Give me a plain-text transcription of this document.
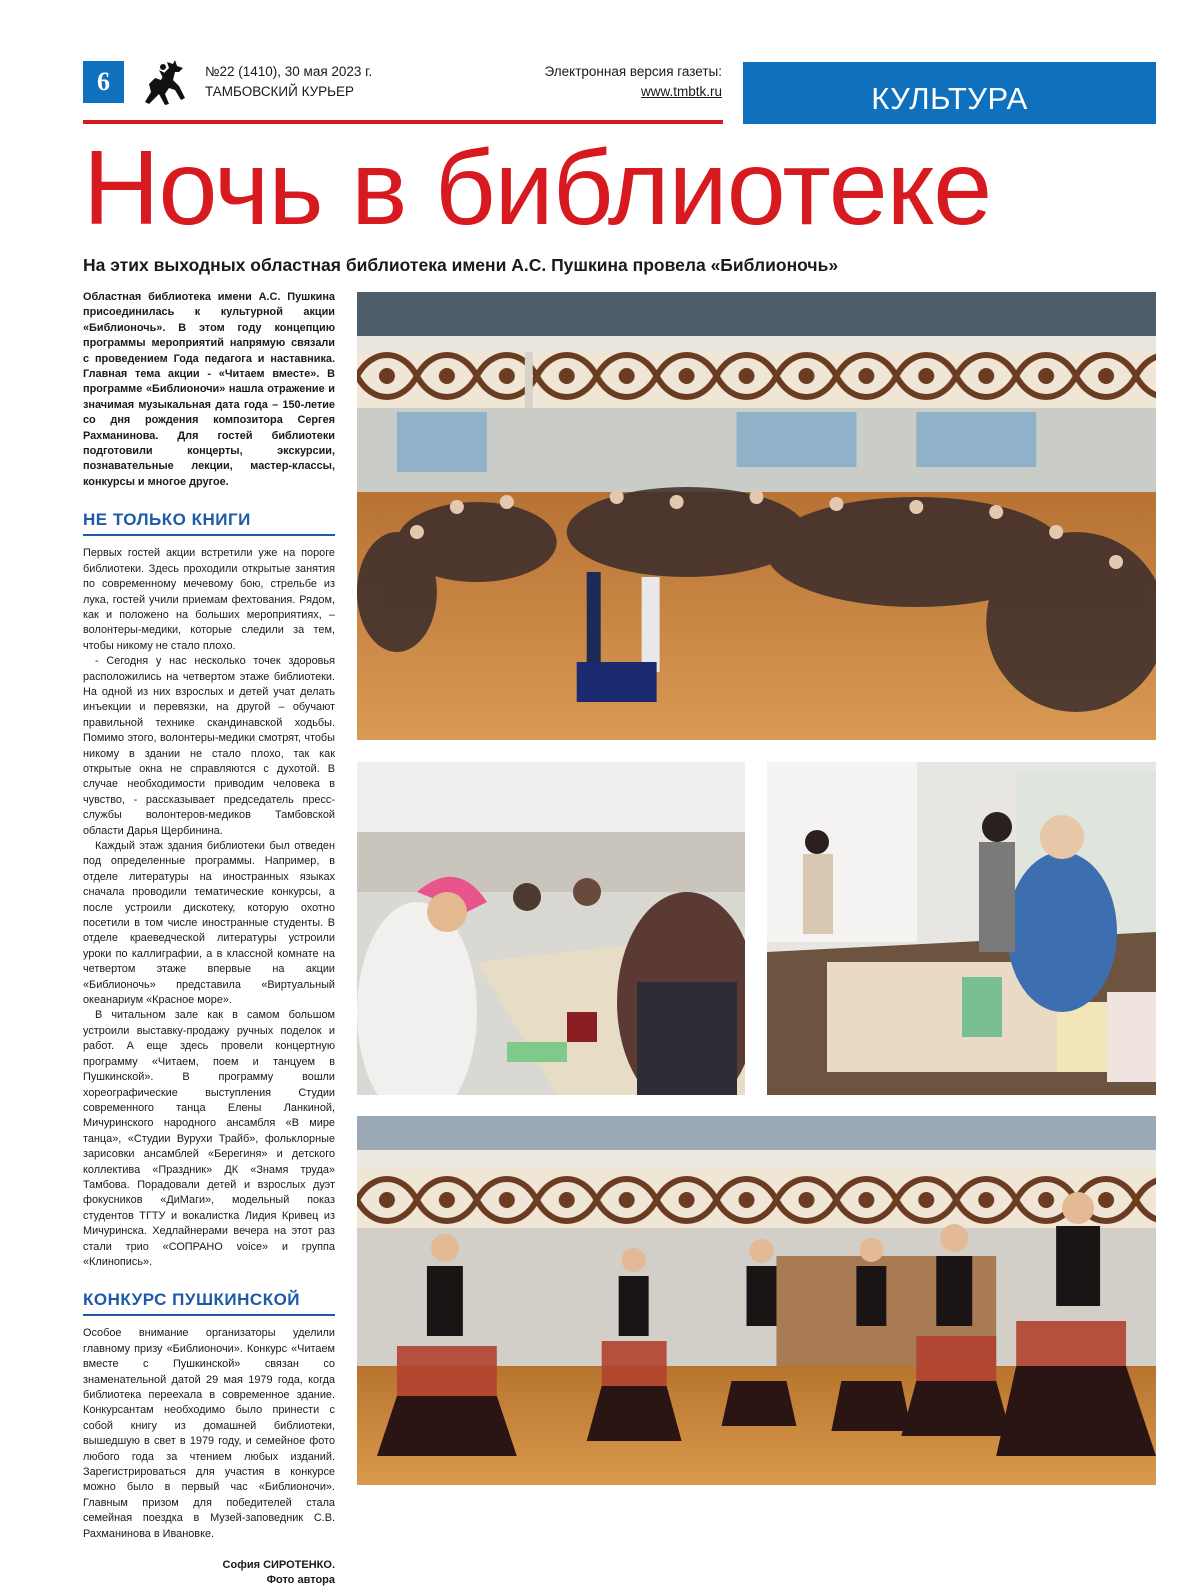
6	№22 (1410), 30 мая 2023 г.
ТАМБОВСКИЙ КУРЬЕР
Электронная версия газеты:
www.tmbtk.ru	КУЛЬТУРА
Ночь в библиотеке
На этих выходных областная библиотека имени А.С. Пушкина провела «Библионочь»

Областная библиотека имени А.С. Пушкина присоединилась к культурной акции «Библионочь». В этом году концепцию программы мероприятий напрямую связали с проведением Года педагога и наставника. Главная тема акции - «Читаем вместе». В программе «Библионочи» нашла отражение и значимая музыкальная дата года – 150-летие со дня рождения композитора Сергея Рахманинова. Для гостей библиотеки подготовили концерты, экскурсии, познавательные лекции, мастер-классы, конкурсы и многое другое.

НЕ ТОЛЬКО КНИГИ

Первых гостей акции встретили уже на пороге библиотеки. Здесь проходили открытые занятия по современному мечевому бою, стрельбе из лука, гостей учили приемам фехтования. Рядом, как и положено на больших мероприятиях, – волонтеры-медики, которые следили за тем, чтобы никому не стало плохо.

- Сегодня у нас несколько точек здоровья расположились на четвертом этаже библиотеки. На одной из них взрослых и детей учат делать инъекции и перевязки, на другой – обучают правильной технике скандинавской ходьбы. Помимо этого, волонтеры-медики смотрят, чтобы никому в здании не стало плохо, так как открытые окна не справляются с духотой. В случае необходимости приводим человека в чувство, - рассказывает председатель пресс-службы волонтеров-медиков Тамбовской области Дарья Щербинина.

Каждый этаж здания библиотеки был отведен под определенные программы. Например, в отделе литературы на иностранных языках сначала проводили тематические конкурсы, а после устроили дискотеку, которую охотно посетили в том числе иностранные студенты. В отделе краеведческой литературы устроили уроки по каллиграфии, а в классной комнате на четвертом этаже впервые на акции «Библионочь» представила «Виртуальный океанариум «Красное море».

В читальном зале как в самом большом устроили выставку-продажу ручных поделок и работ. А еще здесь провели концертную программу «Читаем, поем и танцуем в Пушкинской». В программу вошли хореографические выступления Студии современного танца Елены Ланкиной, Мичуринского народного ансамбля «В мире танца», «Студии Вурухи Трайб», фольклорные зарисовки ансамблей «Берегиня» и детского коллектива «Праздник» ДК «Знамя труда» Тамбова. Порадовали детей и взрослых дуэт фокусников «ДиМаги», модельный показ студентов ТГТУ и вокалистка Лидия Кривец из Мичуринска. Хедлайнерами вечера на этот раз стали трио «СОПРАНО voice» и группа «Клинопись».

КОНКУРС ПУШКИНСКОЙ

Особое внимание организаторы уделили главному призу «Библионочи». Конкурс «Читаем вместе с Пушкинской» связан со знаменательной датой 29 мая 1979 года, когда библиотека переехала в современное здание. Конкурсантам необходимо было принести с собой книгу из домашней библиотеки, вышедшую в свет в 1979 году, и семейное фото любого года за чтением любых изданий. Зарегистрироваться для участия в конкурсе можно было в первый час «Библионочи». Главным призом для победителей стала семейная поездка в Музей-заповедник С.В. Рахманинова в Ивановке.

София СИРОТЕНКО.
Фото автора
